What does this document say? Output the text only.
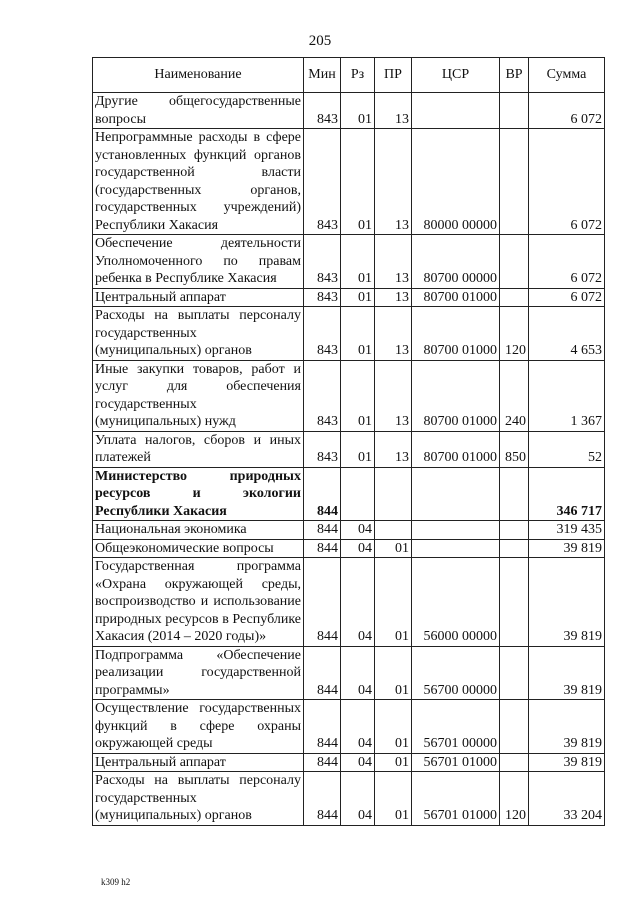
205
Наименование	Мин	Рз	ПР	ЦСР	ВР	Сумма
Другие общегосударственные вопросы	843	01	13			6 072
Непрограммные расходы в сфере установленных функций органов государственной власти (государственных органов, государственных учреждений) Республики Хакасия	843	01	13	80000 00000		6 072
Обеспечение деятельности Уполномоченного по правам ребенка в Республике Хакасия	843	01	13	80700 00000		6 072
Центральный аппарат	843	01	13	80700 01000		6 072
Расходы на выплаты персоналу государственных (муниципальных) органов	843	01	13	80700 01000	120	4 653
Иные закупки товаров, работ и услуг для обеспечения государственных (муниципальных) нужд	843	01	13	80700 01000	240	1 367
Уплата налогов, сборов и иных платежей	843	01	13	80700 01000	850	52
Министерство природных ресурсов и экологии Республики Хакасия	844					346 717
Национальная экономика	844	04				319 435
Общеэкономические вопросы	844	04	01			39 819
Государственная программа «Охрана окружающей среды, воспроизводство и использование природных ресурсов в Республике Хакасия (2014 – 2020 годы)»	844	04	01	56000 00000		39 819
Подпрограмма «Обеспечение реализации государственной программы»	844	04	01	56700 00000		39 819
Осуществление государственных функций в сфере охраны окружающей среды	844	04	01	56701 00000		39 819
Центральный аппарат	844	04	01	56701 01000		39 819
Расходы на выплаты персоналу государственных (муниципальных) органов	844	04	01	56701 01000	120	33 204
k309 h2
